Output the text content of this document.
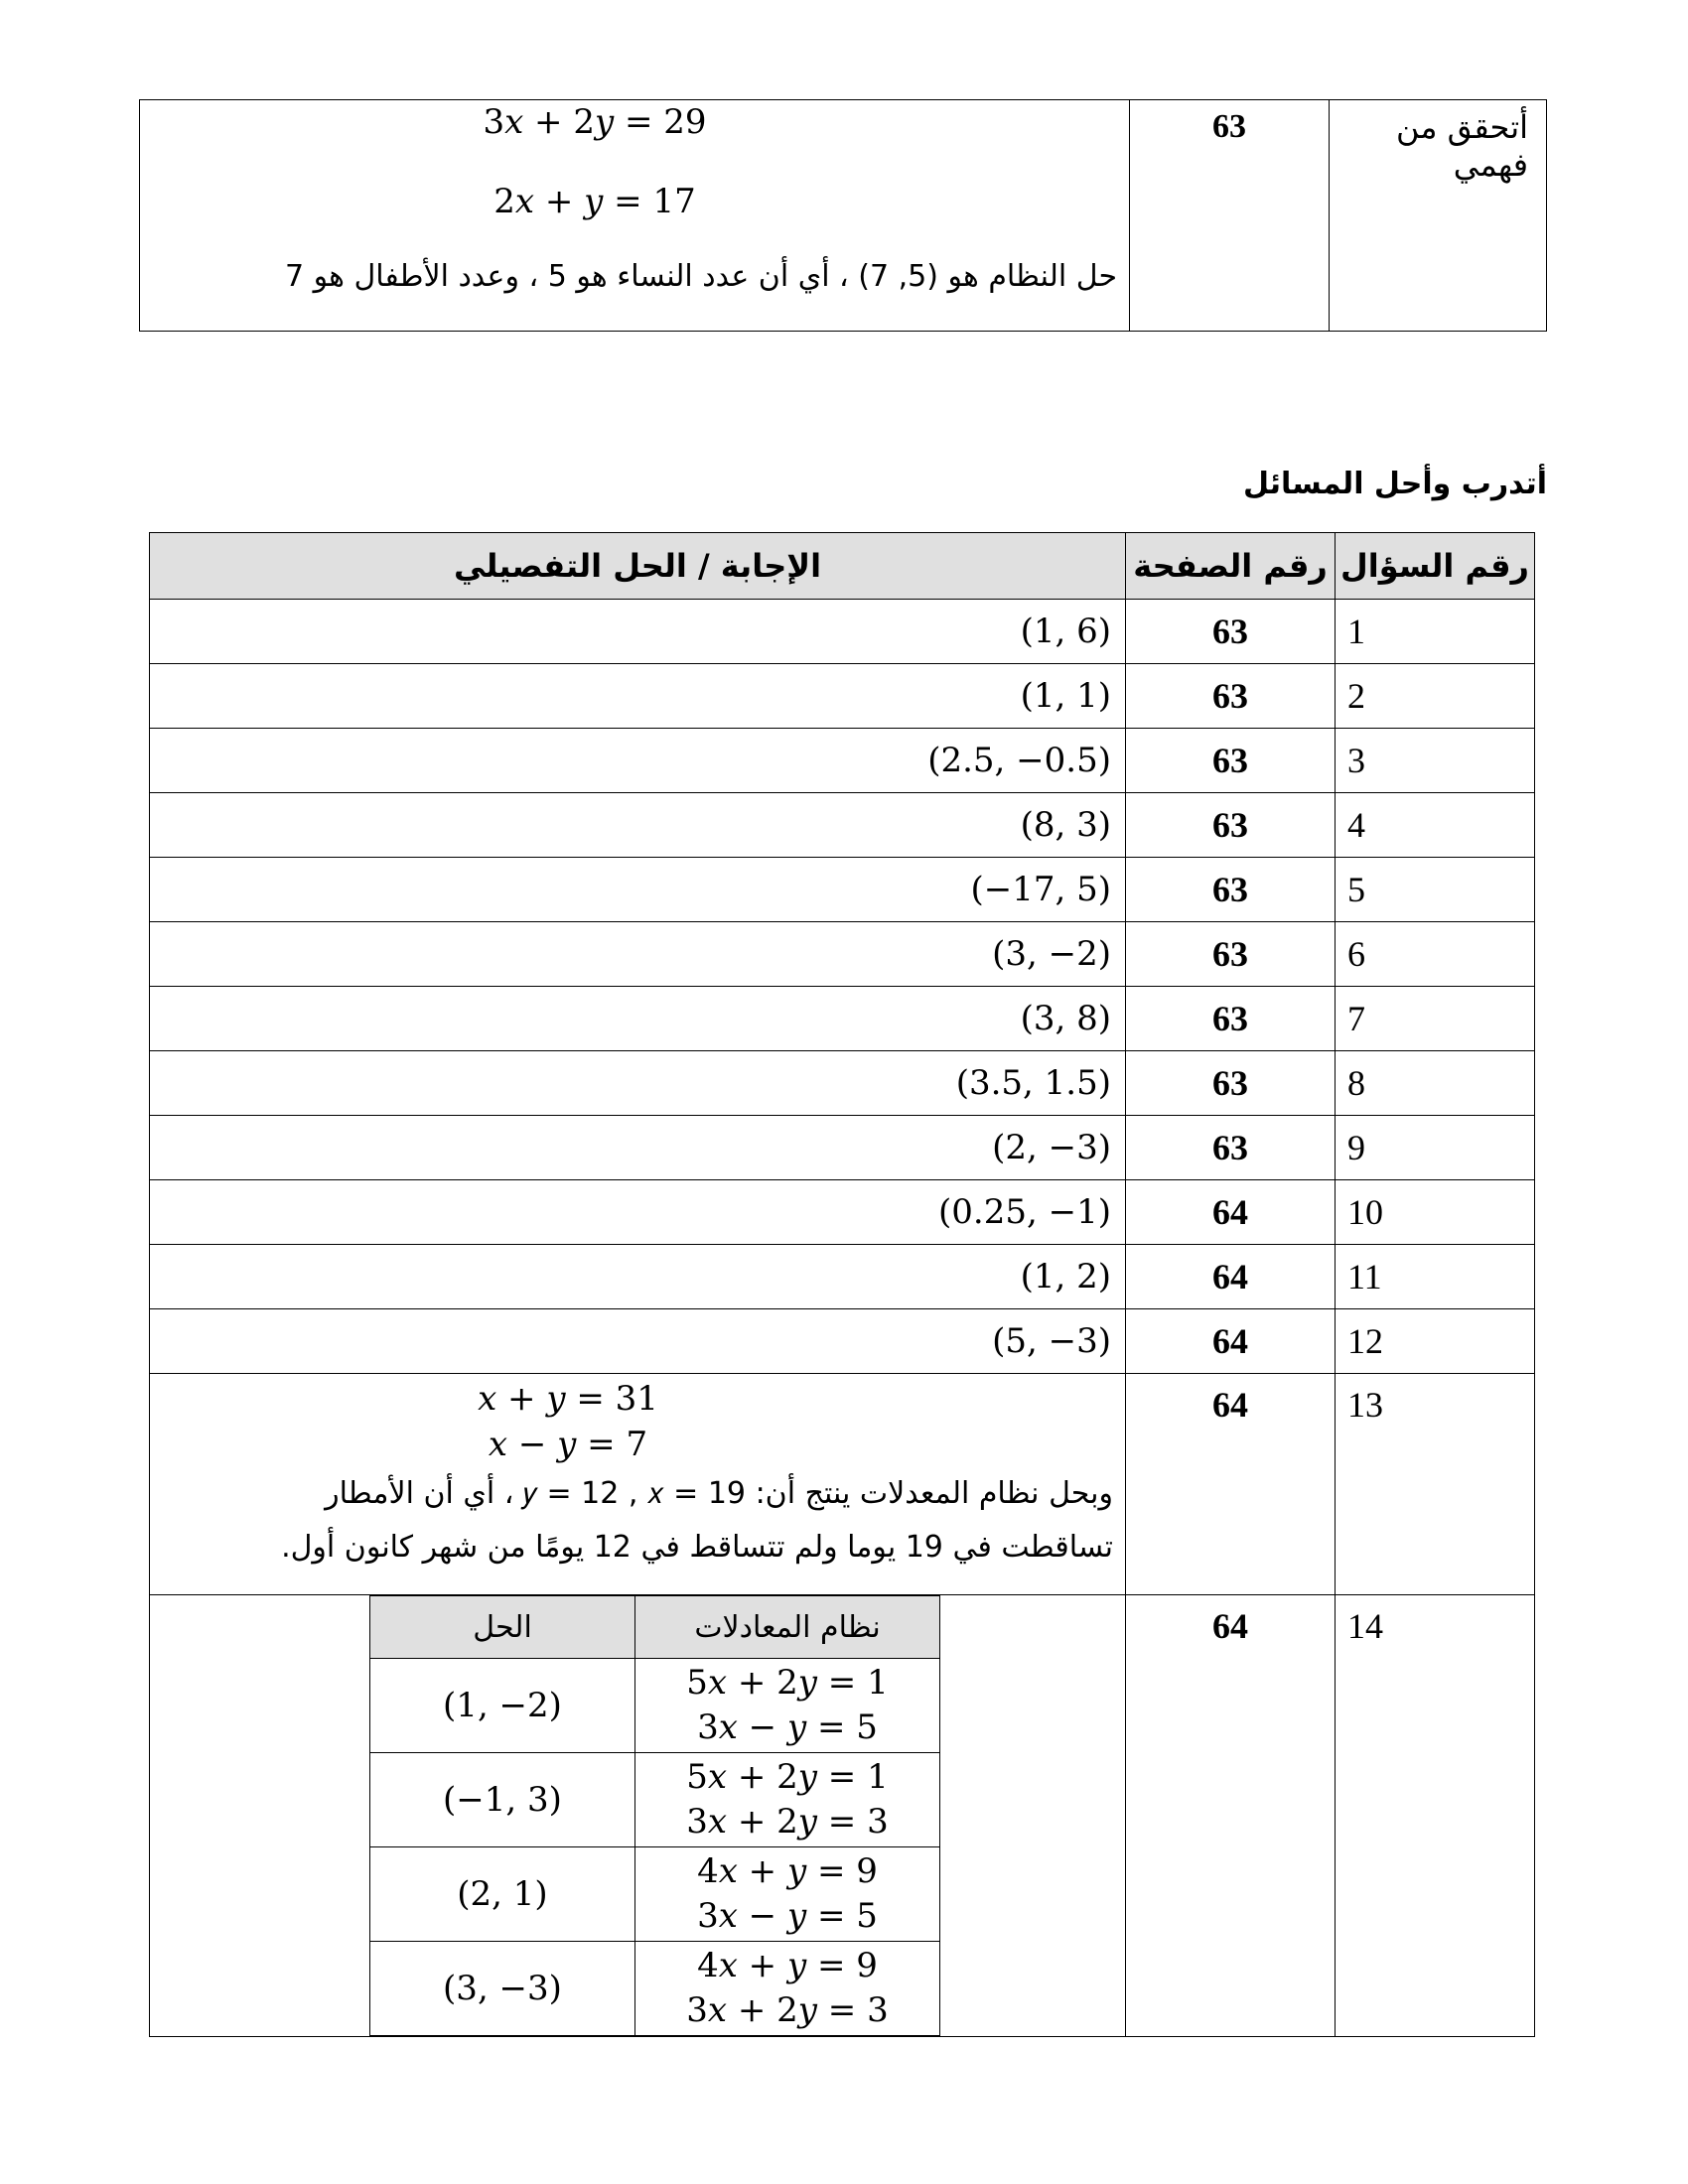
أتحقق من فهمي	63	
3𝑥 + 2𝑦 = 29
2𝑥 + 𝑦 = 17
حل النظام هو (5, 7) ، أي أن عدد النساء هو 5 ، وعدد الأطفال هو 7
أتدرب وأحل المسائل
رقم السؤال	رقم الصفحة	الإجابة / الحل التفصيلي
1	63	(1, 6)
2	63	(1, 1)
3	63	(2.5, −0.5)
4	63	(8, 3)
5	63	(−17, 5)
6	63	(3, −2)
7	63	(3, 8)
8	63	(3.5, 1.5)
9	63	(2, −3)
10	64	(0.25, −1)
11	64	(1, 2)
12	64	(5, −3)
13	64	
𝑥 + 𝑦 = 31
𝑥 − 𝑦 = 7
وبحل نظام المعدلات ينتج أن: 𝑦 = 12 , 𝑥 = 19 ، أي أن الأمطار
تساقطت في 19 يوما ولم تتساقط في 12 يومًا من شهر كانون أول.

14	64	
نظام المعادلات	الحل

5𝑥 + 2𝑦 = 1
3𝑥 − 𝑦 = 5
	(1, −2)

5𝑥 + 2𝑦 = 1
3𝑥 + 2𝑦 = 3
	(−1, 3)

4𝑥 + 𝑦 = 9
3𝑥 − 𝑦 = 5
	(2, 1)

4𝑥 + 𝑦 = 9
3𝑥 + 2𝑦 = 3
	(3, −3)
